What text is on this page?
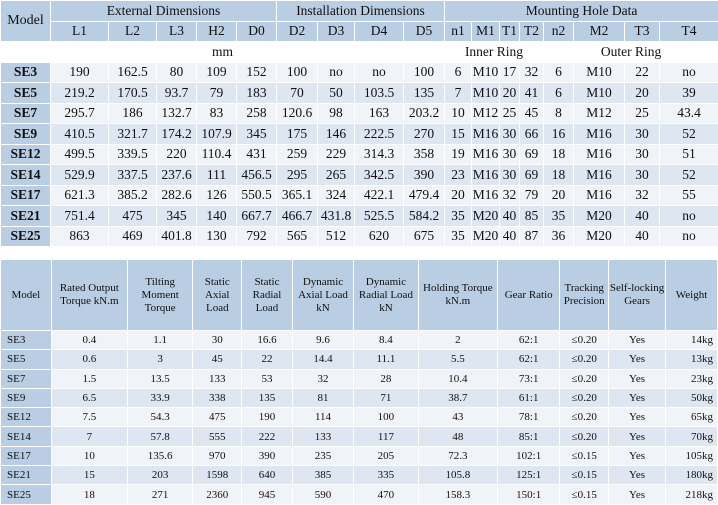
Model	External Dimensions					Installation Dimensions				Mounting Hole Data							
	L1	L2	L3	H2	D0	D2	D3	D4	D5	n1	M1	T1	T2	n2	M2	T3	T4
mm										Inner Ring				Outer Ring			
SE3	190	162.5	80	109	152	100	no	no	100	6	M10	17	32	6	M10	22	no
SE5	219.2	170.5	93.7	79	183	70	50	103.5	135	7	M10	20	41	6	M10	20	39
SE7	295.7	186	132.7	83	258	120.6	98	163	203.2	10	M12	25	45	8	M12	25	43.4
SE9	410.5	321.7	174.2	107.9	345	175	146	222.5	270	15	M16	30	66	16	M16	30	52
SE12	499.5	339.5	220	110.4	431	259	229	314.3	358	19	M16	30	69	18	M16	30	51
SE14	529.9	337.5	237.6	111	456.5	295	265	342.5	390	23	M16	30	69	18	M16	30	52
SE17	621.3	385.2	282.6	126	550.5	365.1	324	422.1	479.4	20	M16	32	79	20	M16	32	55
SE21	751.4	475	345	140	667.7	466.7	431.8	525.5	584.2	35	M20	40	85	35	M20	40	no
SE25	863	469	401.8	130	792	565	512	620	675	35	M20	40	87	36	M20	40	no
Model	Rated Output Torque kN.m	Tilting Moment Torque	Static Axial Load	Static Radial Load	Dynamic Axial Load kN	Dynamic Radial Load kN	Holding Torque kN.m	Gear Ratio	Tracking Precision	Self-locking Gears	Weight
SE3	0.4	1.1	30	16.6	9.6	8.4	2	62:1	≤0.20	Yes	14kg
SE5	0.6	3	45	22	14.4	11.1	5.5	62:1	≤0.20	Yes	13kg
SE7	1.5	13.5	133	53	32	28	10.4	73:1	≤0.20	Yes	23kg
SE9	6.5	33.9	338	135	81	71	38.7	61:1	≤0.20	Yes	50kg
SE12	7.5	54.3	475	190	114	100	43	78:1	≤0.20	Yes	65kg
SE14	7	57.8	555	222	133	117	48	85:1	≤0.20	Yes	70kg
SE17	10	135.6	970	390	235	205	72.3	102:1	≤0.15	Yes	105kg
SE21	15	203	1598	640	385	335	105.8	125:1	≤0.15	Yes	180kg
SE25	18	271	2360	945	590	470	158.3	150:1	≤0.15	Yes	218kg
